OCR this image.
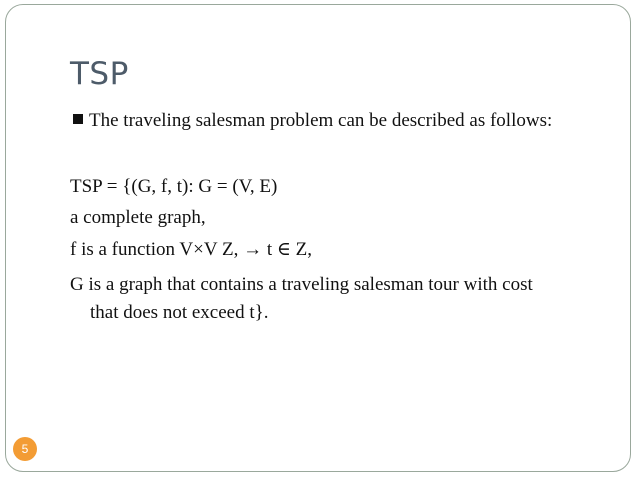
TSP
The traveling salesman problem can be described as follows:
TSP = {(G, f, t): G = (V, E)
a complete graph,
f is a function V×V Z, → t ∈ Z,
G is a graph that contains a traveling salesman tour with cost
that does not exceed t}.
5
